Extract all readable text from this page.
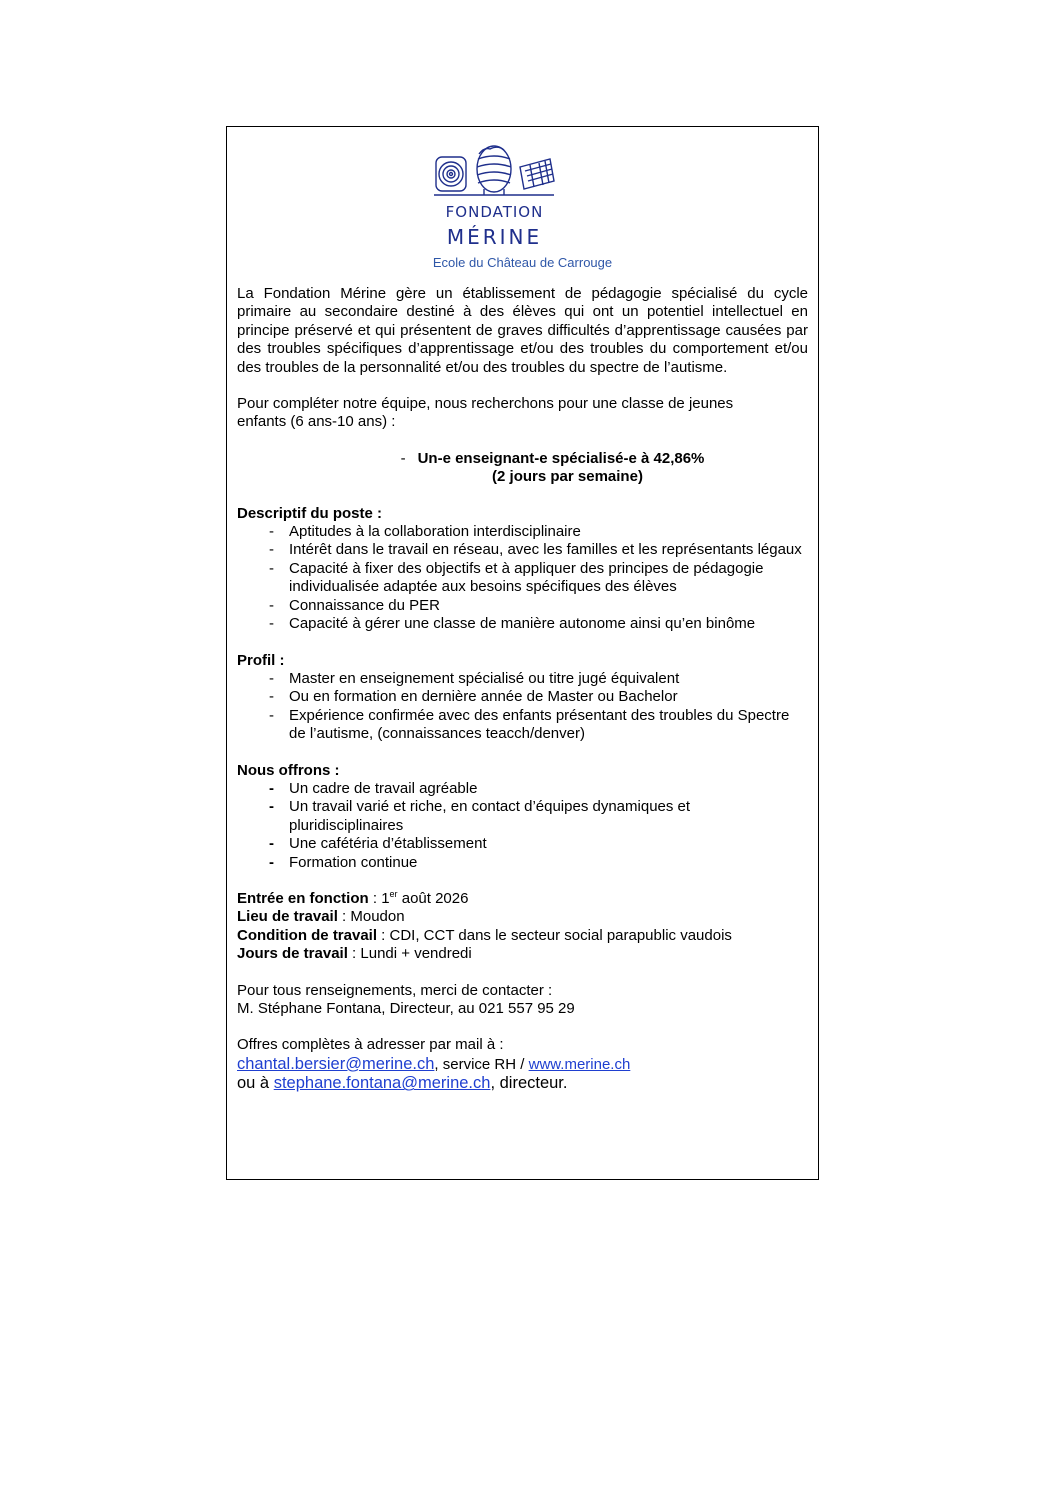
FONDATION
MÉRINE
Ecole du Château de Carrouge

La Fondation Mérine gère un établissement de pédagogie spécialisé du cycle primaire au secondaire destiné à des élèves qui ont un potentiel intellectuel en principe préservé et qui présentent de graves difficultés d’apprentissage causées par des troubles spécifiques d’apprentissage et/ou des troubles du comportement et/ou des troubles de la personnalité et/ou des troubles du spectre de l’autisme.

Pour compléter notre équipe, nous recherchons pour une classe de jeunes enfants (6 ans-10 ans) :

- Un-e enseignant-e spécialisé-e à 42,86%

(2 jours par semaine)

Descriptif du poste :

- Aptitudes à la collaboration interdisciplinaire
- Intérêt dans le travail en réseau, avec les familles et les représentants légaux
- Capacité à fixer des objectifs et à appliquer des principes de pédagogie individualisée adaptée aux besoins spécifiques des élèves
- Connaissance du PER
- Capacité à gérer une classe de manière autonome ainsi qu’en binôme

Profil :

- Master en enseignement spécialisé ou titre jugé équivalent
- Ou en formation en dernière année de Master ou Bachelor
- Expérience confirmée avec des enfants présentant des troubles du Spectre de l’autisme, (connaissances teacch/denver)

Nous offrons :

- Un cadre de travail agréable
- Un travail varié et riche, en contact d’équipes dynamiques et pluridisciplinaires
- Une cafétéria d’établissement
- Formation continue

Entrée en fonction : 1er août 2026

Lieu de travail : Moudon

Condition de travail : CDI, CCT dans le secteur social parapublic vaudois

Jours de travail : Lundi + vendredi

Pour tous renseignements, merci de contacter :

M. Stéphane Fontana, Directeur, au 021 557 95 29

Offres complètes à adresser par mail à :

chantal.bersier@merine.ch, service RH / www.merine.ch

ou à stephane.fontana@merine.ch, directeur.
